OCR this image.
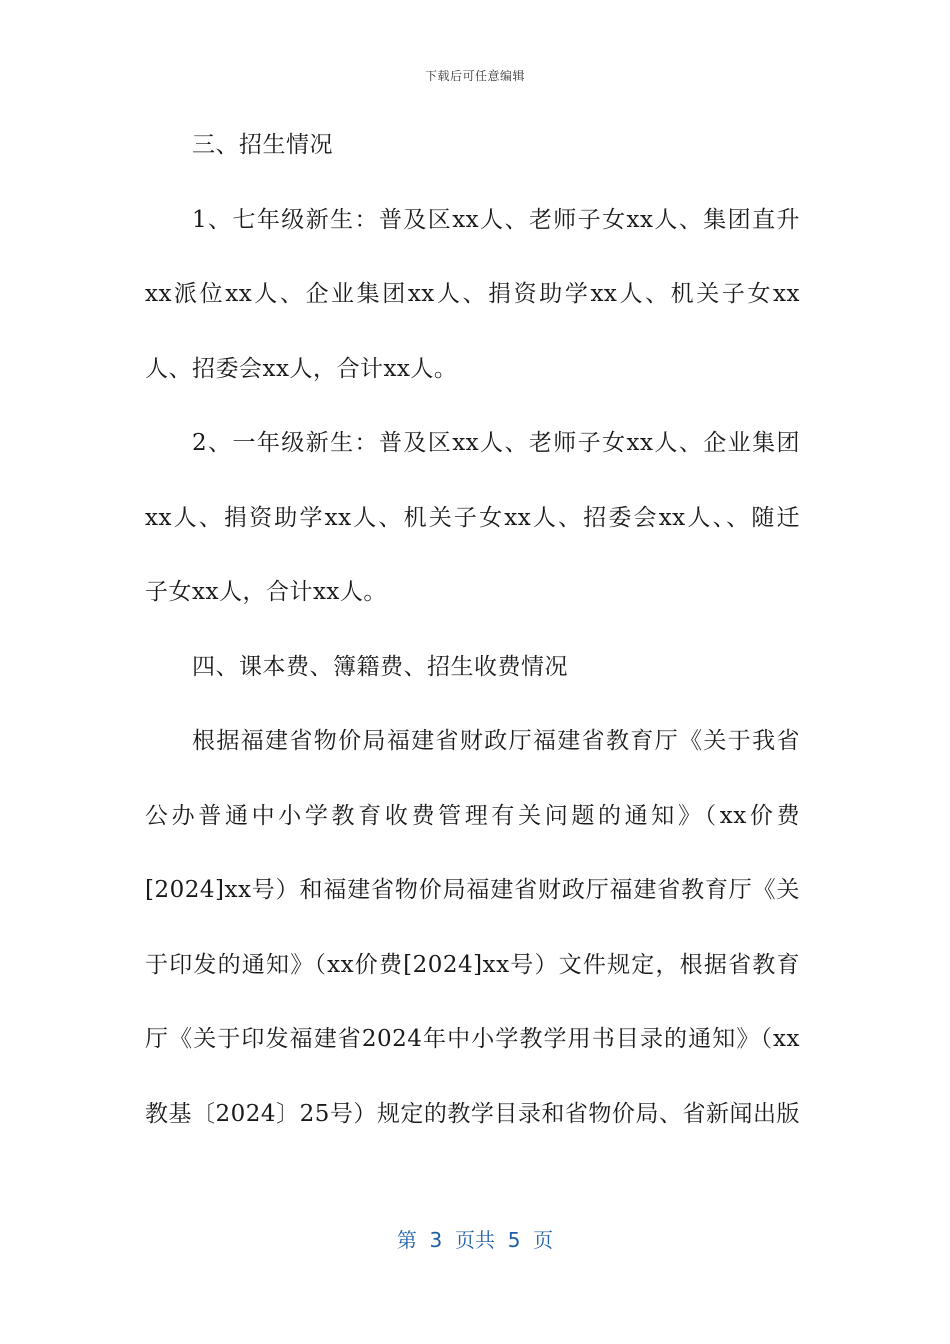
下载后可任意编辑
三、招生情况
1、七年级新生：普及区xx人、老师子女xx人、集团直升
xx派位xx人、企业集团xx人、捐资助学xx人、机关子女xx
人、招委会xx人，合计xx人。
2、一年级新生：普及区xx人、老师子女xx人、企业集团
xx人、捐资助学xx人、机关子女xx人、招委会xx人、、随迁
子女xx人，合计xx人。
四、课本费、簿籍费、招生收费情况
根据福建省物价局福建省财政厅福建省教育厅《关于我省
公办普通中小学教育收费管理有关问题的通知》（xx价费
[2024]xx号）和福建省物价局福建省财政厅福建省教育厅《关
于印发的通知》（xx价费[2024]xx号）文件规定，根据省教育
厅《关于印发福建省2024年中小学教学用书目录的通知》（xx
教基〔2024〕25号）规定的教学目录和省物价局、省新闻出版
第  3  页共  5  页
